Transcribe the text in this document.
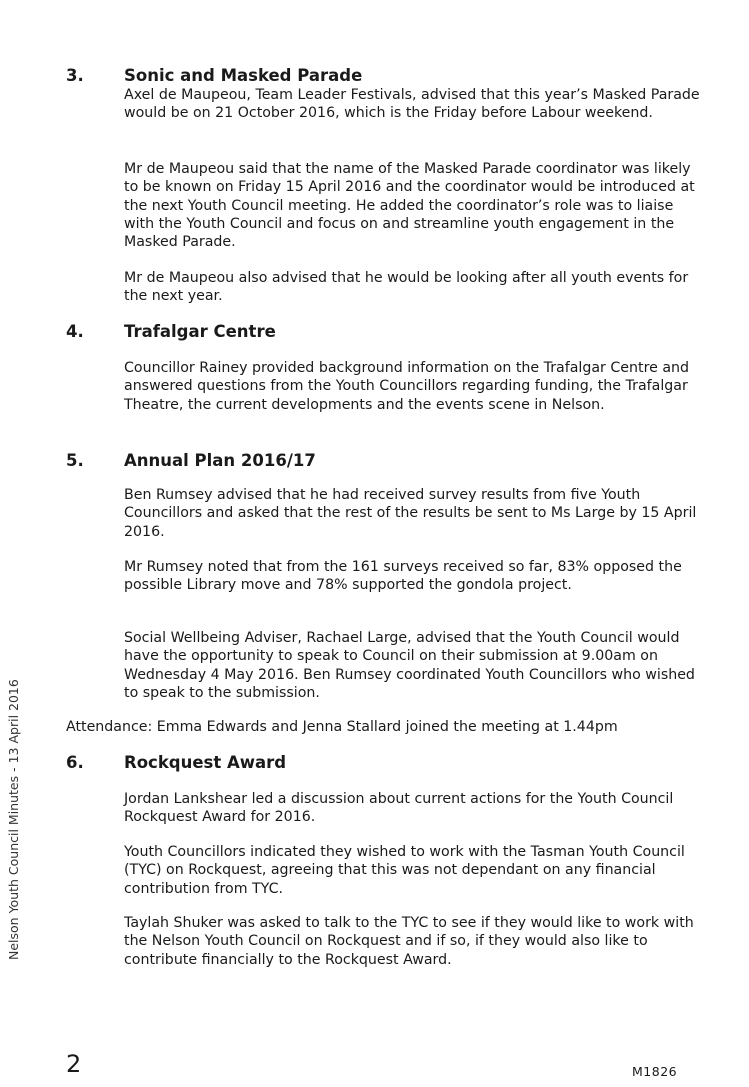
3. Sonic and Masked Parade

Axel de Maupeou, Team Leader Festivals, advised that this year’s Masked Parade would be on 21 October 2016, which is the Friday before Labour weekend.

Mr de Maupeou said that the name of the Masked Parade coordinator was likely to be known on Friday 15 April 2016 and the coordinator would be introduced at the next Youth Council meeting. He added the coordinator’s role was to liaise with the Youth Council and focus on and streamline youth engagement in the Masked Parade.

Mr de Maupeou also advised that he would be looking after all youth events for the next year.

4. Trafalgar Centre

Councillor Rainey provided background information on the Trafalgar Centre and answered questions from the Youth Councillors regarding funding, the Trafalgar Theatre, the current developments and the events scene in Nelson.

5. Annual Plan 2016/17

Ben Rumsey advised that he had received survey results from five Youth Councillors and asked that the rest of the results be sent to Ms Large by 15 April 2016.

Mr Rumsey noted that from the 161 surveys received so far, 83% opposed the possible Library move and 78% supported the gondola project.

Social Wellbeing Adviser, Rachael Large, advised that the Youth Council would have the opportunity to speak to Council on their submission at 9.00am on Wednesday 4 May 2016. Ben Rumsey coordinated Youth Councillors who wished to speak to the submission.

Attendance: Emma Edwards and Jenna Stallard joined the meeting at 1.44pm
6. Rockquest Award

Jordan Lankshear led a discussion about current actions for the Youth Council Rockquest Award for 2016.

Youth Councillors indicated they wished to work with the Tasman Youth Council (TYC) on Rockquest, agreeing that this was not dependant on any financial contribution from TYC.

Taylah Shuker was asked to talk to the TYC to see if they would like to work with the Nelson Youth Council on Rockquest and if so, if they would also like to contribute financially to the Rockquest Award.

Nelson Youth Council Minutes - 13 April 2016
2	M1826
